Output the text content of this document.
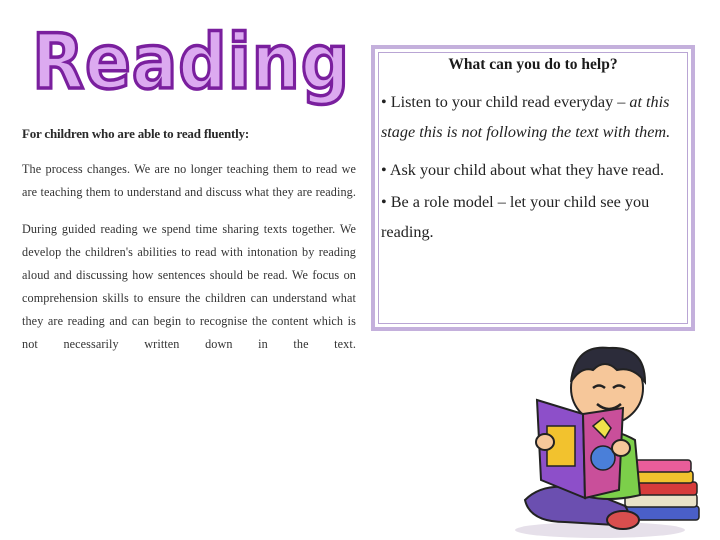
Reading

For children who are able to read fluently:

The process changes. We are no longer teaching them to read we are teaching them to understand and discuss what they are reading.

During guided reading we spend time sharing texts together. We develop the children's abilities to read with intonation by reading aloud and discussing how sentences should be read. We focus on comprehension skills to ensure the children can understand what they are reading and can begin to recognise the content which is not necessarily written down in the text.

What can you do to help?

• Listen to your child read everyday – at this stage this is not following the text with them.

• Ask your child about what they have read.

• Be a role model – let your child see you reading.
